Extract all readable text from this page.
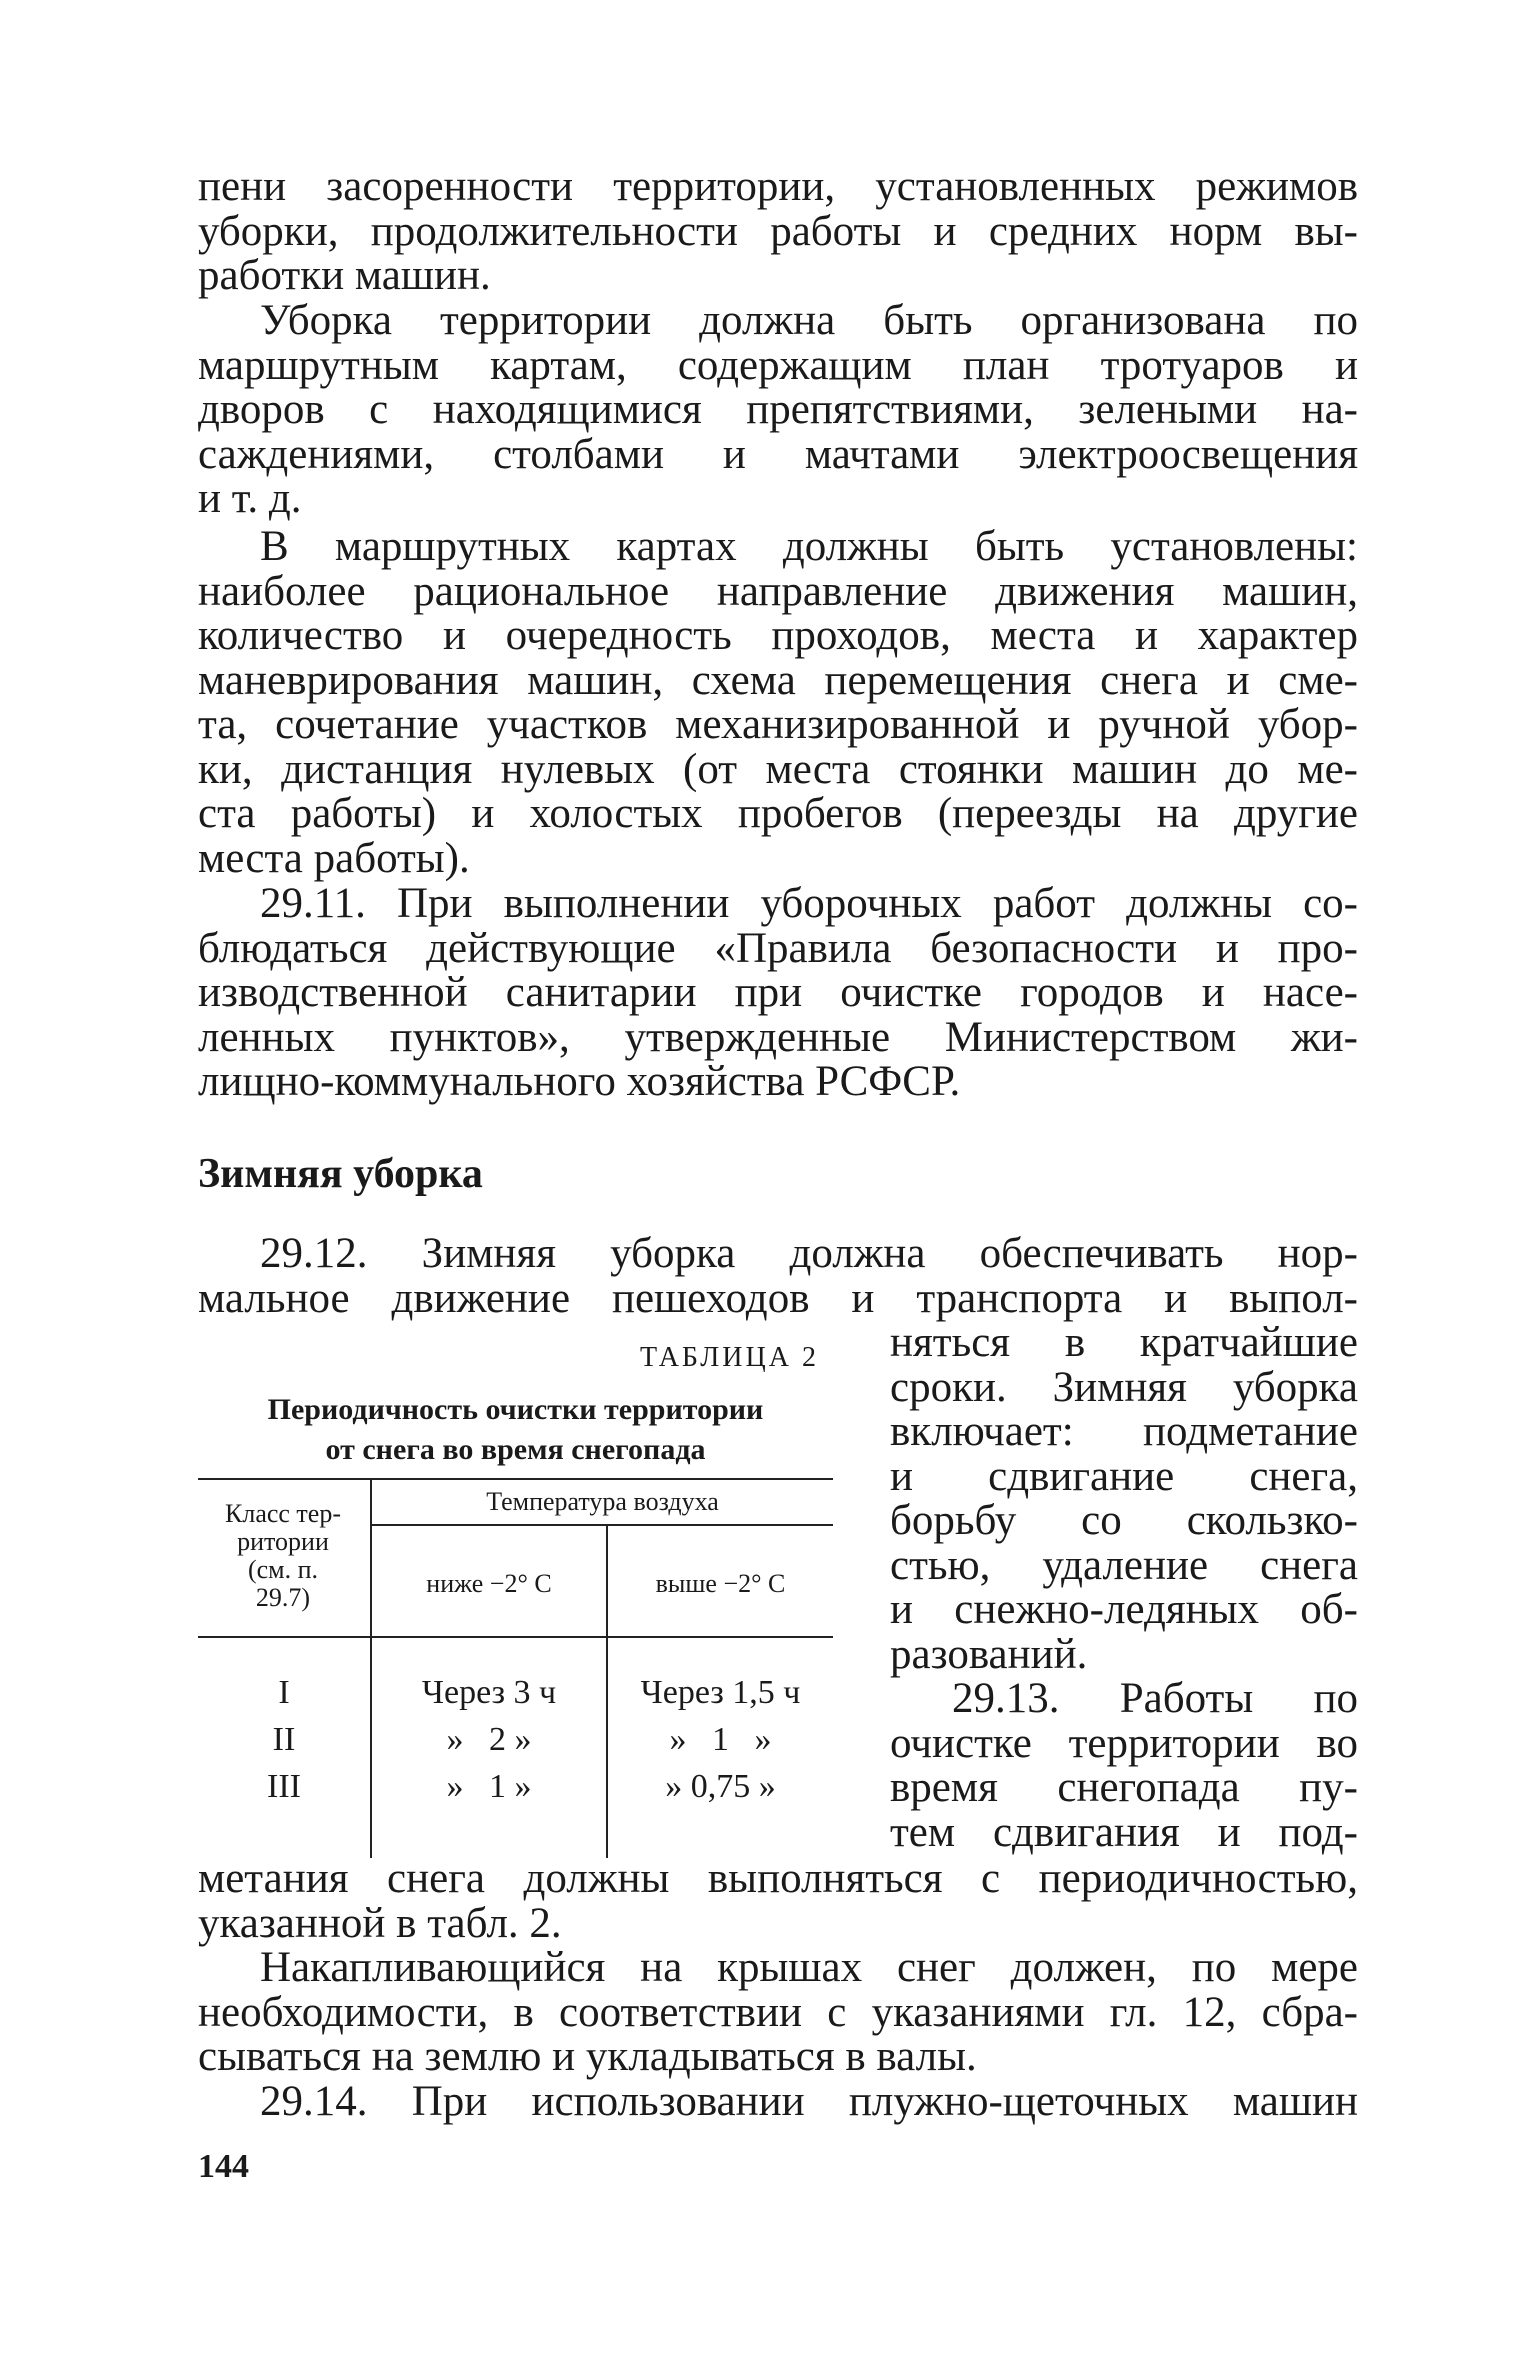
пени засоренности территории, установленных режимов
уборки, продолжительности работы и средних норм вы-
работки машин.
Уборка территории должна быть организована по
маршрутным картам, содержащим план тротуаров и
дворов с находящимися препятствиями, зелеными на-
саждениями, столбами и мачтами электроосвещения
и т. д.
В маршрутных картах должны быть установлены:
наиболее рациональное направление движения машин,
количество и очередность проходов, места и характер
маневрирования машин, схема перемещения снега и сме-
та, сочетание участков механизированной и ручной убор-
ки, дистанция нулевых (от места стоянки машин до ме-
ста работы) и холостых пробегов (переезды на другие
места работы).
29.11. При выполнении уборочных работ должны со-
блюдаться действующие «Правила безопасности и про-
изводственной санитарии при очистке городов и насе-
ленных пунктов», утвержденные Министерством жи-
лищно-коммунального хозяйства РСФСР.
Зимняя уборка
29.12. Зимняя уборка должна обеспечивать нор-
мальное движение пешеходов и транспорта и выпол-
няться в кратчайшие
сроки. Зимняя уборка
включает: подметание
и сдвигание снега,
борьбу со скользко-
стью, удаление снега
и снежно-ледяных об-
разований.
29.13. Работы по
очистке территории во
время снегопада пу-
тем сдвигания и под-
ТАБЛИЦА 2
Периодичность очистки территории
от снега во время снегопада
Класс тер-
ритории
(см. п.
29.7)
Температура воздуха
ниже −2° С	выше −2° С
I	Через 3 ч	Через 1,5 ч
II	»   2 »	»   1   »
III	»   1 »	» 0,75 »
метания снега должны выполняться с периодичностью,
указанной в табл. 2.
Накапливающийся на крышах снег должен, по мере
необходимости, в соответствии с указаниями гл. 12, сбра-
сываться на землю и укладываться в валы.
29.14. При использовании плужно-щеточных машин
144
